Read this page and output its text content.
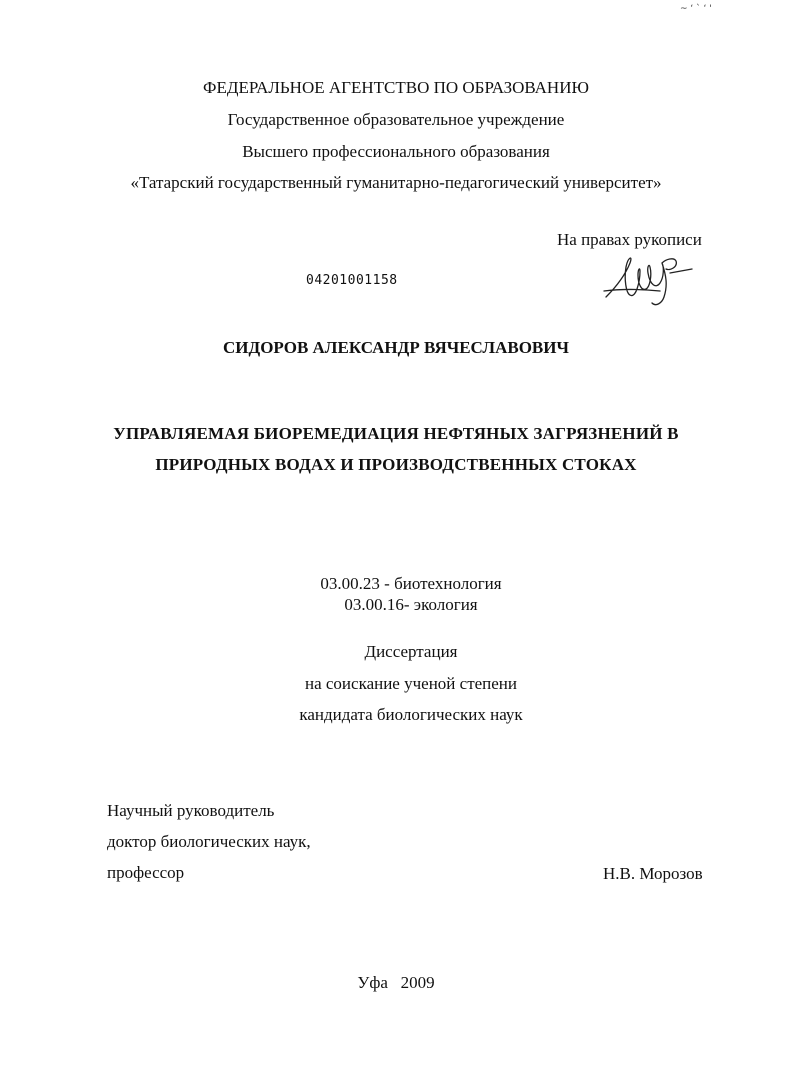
~ ‘ ` ‘ '
ФЕДЕРАЛЬНОЕ АГЕНТСТВО ПО ОБРАЗОВАНИЮ
Государственное образовательное учреждение
Высшего профессионального образования
«Татарский государственный гуманитарно-педагогический университет»
На правах рукописи
04201001158
СИДОРОВ АЛЕКСАНДР ВЯЧЕСЛАВОВИЧ
УПРАВЛЯЕМАЯ БИОРЕМЕДИАЦИЯ НЕФТЯНЫХ ЗАГРЯЗНЕНИЙ В
ПРИРОДНЫХ ВОДАХ И ПРОИЗВОДСТВЕННЫХ СТОКАХ
03.00.23 - биотехнология
03.00.16- экология
Диссертация
на соискание ученой степени
кандидата биологических наук
Научный руководитель
доктор биологических наук,
профессор	Н.В. Морозов
Уфа   2009
